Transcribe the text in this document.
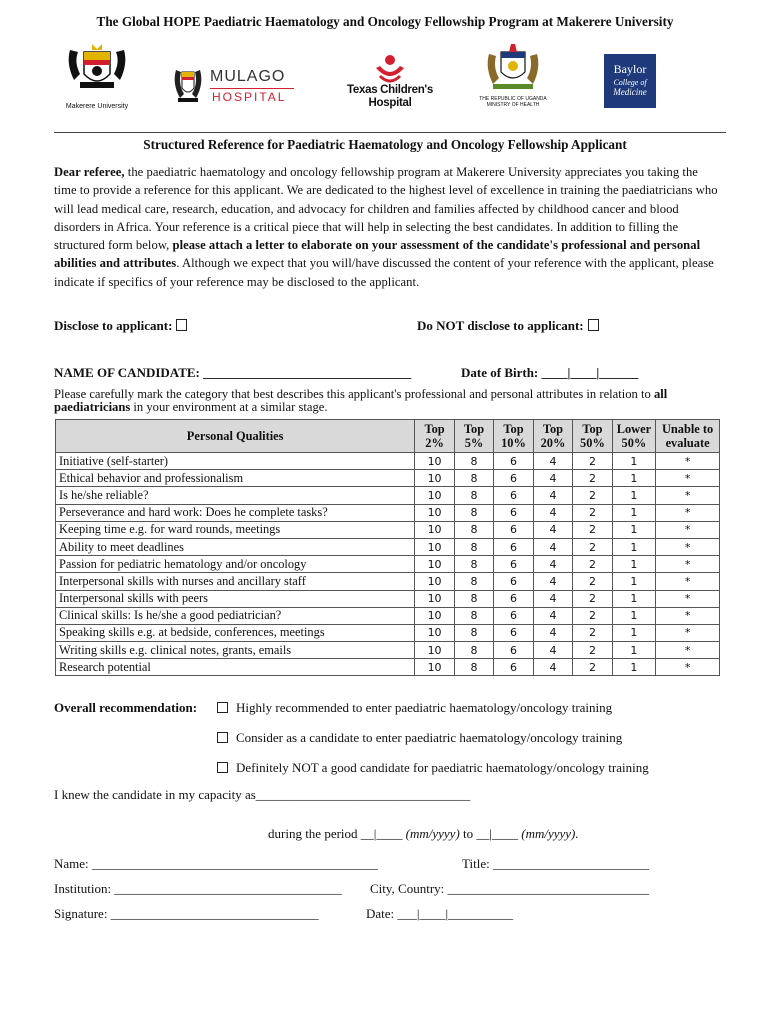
The Global HOPE Paediatric Haematology and Oncology Fellowship Program at Makerere University
Makerere University
MULAGO
HOSPITAL	Texas Children's
Hospital	THE REPUBLIC OF UGANDA
MINISTRY OF HEALTH
Baylor
College of
Medicine
Structured Reference for Paediatric Haematology and Oncology Fellowship Applicant
Dear referee, the paediatric haematology and oncology fellowship program at Makerere University appreciates you taking the time to provide a reference for this applicant. We are dedicated to the highest level of excellence in training the paediatricians who will lead medical care, research, education, and advocacy for children and families affected by childhood cancer and blood disorders in Africa. Your reference is a critical piece that will help in selecting the best candidates. In addition to filling the structured form below, please attach a letter to elaborate on your assessment of the candidate's professional and personal abilities and attributes. Although we expect that you will/have discussed the content of your reference with the applicant, please indicate if specifics of your reference may be disclosed to the applicant.
Disclose to applicant:	Do NOT disclose to applicant:
NAME OF CANDIDATE: ________________________________	Date of Birth: ____|____|______
Please carefully mark the category that best describes this applicant's professional and personal attributes in relation to all paediatricians in your environment at a similar stage.
Personal Qualities	Top 2%	Top 5%	Top 10%	Top 20%	Top 50%	Lower 50%	Unable to evaluate
Initiative (self-starter)	10	8	6	4	2	1	*
Ethical behavior and professionalism	10	8	6	4	2	1	*
Is he/she reliable?	10	8	6	4	2	1	*
Perseverance and hard work: Does he complete tasks?	10	8	6	4	2	1	*
Keeping time e.g. for ward rounds, meetings	10	8	6	4	2	1	*
Ability to meet deadlines	10	8	6	4	2	1	*
Passion for pediatric hematology and/or oncology	10	8	6	4	2	1	*
Interpersonal skills with nurses and ancillary staff	10	8	6	4	2	1	*
Interpersonal skills with peers	10	8	6	4	2	1	*
Clinical skills: Is he/she a good pediatrician?	10	8	6	4	2	1	*
Speaking skills e.g. at bedside, conferences, meetings	10	8	6	4	2	1	*
Writing skills e.g. clinical notes, grants, emails	10	8	6	4	2	1	*
Research potential	10	8	6	4	2	1	*
Overall recommendation:	Highly recommended to enter paediatric haematology/oncology training
Consider as a candidate to enter paediatric haematology/oncology training
Definitely NOT a good candidate for paediatric haematology/oncology training
I knew the candidate in my capacity as_________________________________
during the period __|____ (mm/yyyy) to __|____ (mm/yyyy).
Name: ____________________________________________	Title: ________________________
Institution: ___________________________________ City, Country: _______________________________
Signature: ________________________________	Date: ___|____|__________
